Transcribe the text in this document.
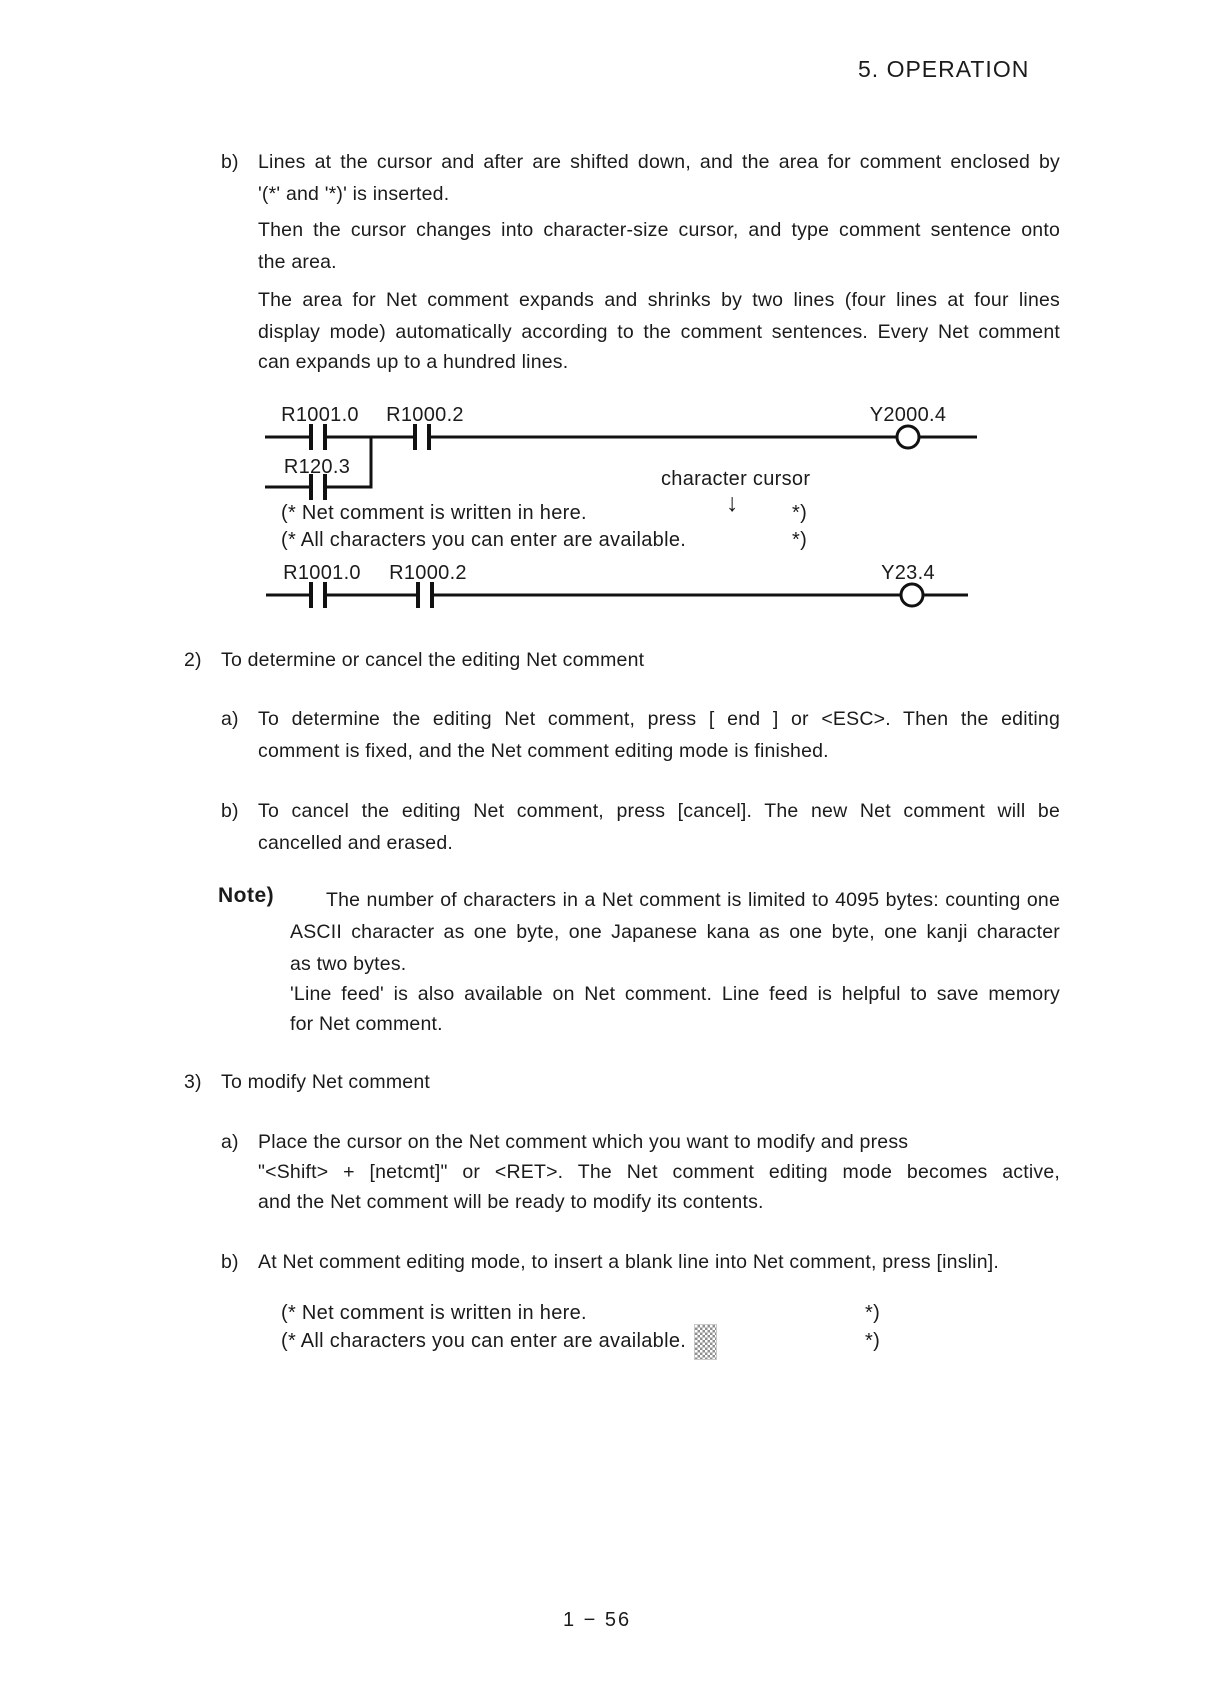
5. OPERATION
b) Lines at the cursor and after are shifted down, and the area for comment enclosed by
'(*' and '*)' is inserted.
Then the cursor changes into character-size cursor, and type comment sentence onto
the area.
The area for Net comment expands and shrinks by two lines (four lines at four lines
display mode) automatically according to the comment sentences. Every Net comment
can expands up to a hundred lines.
R1001.0 R1000.2	Y2000.4
R120.3
character cursor
↓
(* Net comment is written in here.	*)
(* All characters you can enter are available.	*)
R1001.0 R1000.2	Y23.4
2) To determine or cancel the editing Net comment
a) To determine the editing Net comment, press [ end ] or <ESC>. Then the editing
comment is fixed, and the Net comment editing mode is finished.
b) To cancel the editing Net comment, press [cancel]. The new Net comment will be
cancelled and erased.
Note)	The number of characters in a Net comment is limited to 4095 bytes: counting one
ASCII character as one byte, one Japanese kana as one byte, one kanji character
as two bytes.
'Line feed' is also available on Net comment. Line feed is helpful to save memory
for Net comment.
3) To modify Net comment
a) Place the cursor on the Net comment which you want to modify and press
"<Shift> + [netcmt]" or <RET>. The Net comment editing mode becomes active,
and the Net comment will be ready to modify its contents.
b) At Net comment editing mode, to insert a blank line into Net comment, press [inslin].
(* Net comment is written in here.	*)
(* All characters you can enter are available.	*)
1 − 56
